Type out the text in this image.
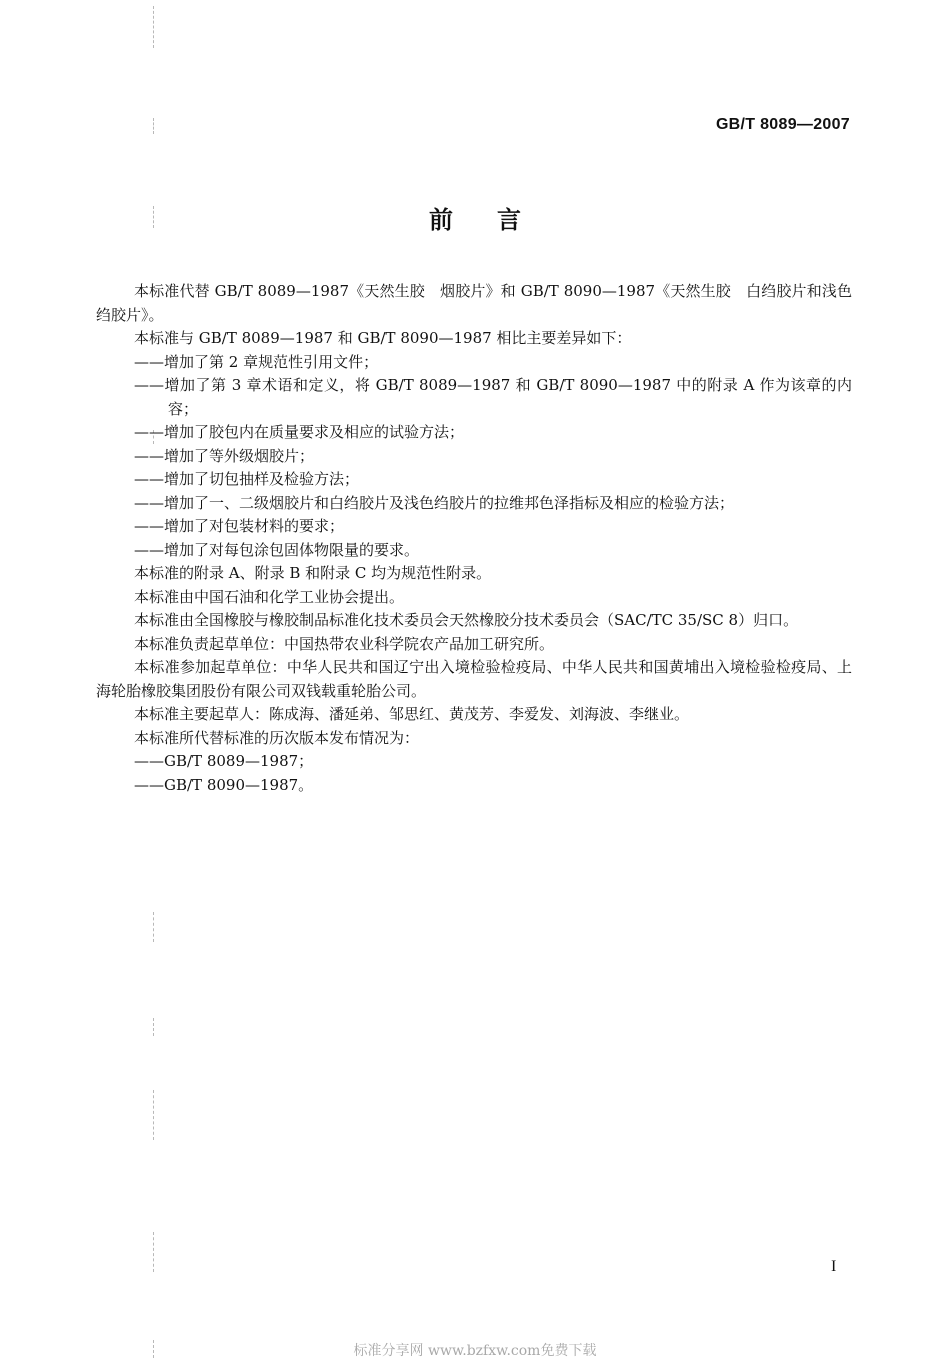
GB/T 8089—2007
前言

本标准代替 GB/T 8089—1987《天然生胶　烟胶片》和 GB/T 8090—1987《天然生胶　白绉胶片和浅色绉胶片》。

本标准与 GB/T 8089—1987 和 GB/T 8090—1987 相比主要差异如下：

——增加了第 2 章规范性引用文件；

——增加了第 3 章术语和定义，将 GB/T 8089—1987 和 GB/T 8090—1987 中的附录 A 作为该章的内容；

——增加了胶包内在质量要求及相应的试验方法；

——增加了等外级烟胶片；

——增加了切包抽样及检验方法；

——增加了一、二级烟胶片和白绉胶片及浅色绉胶片的拉维邦色泽指标及相应的检验方法；

——增加了对包装材料的要求；

——增加了对每包涂包固体物限量的要求。

本标准的附录 A、附录 B 和附录 C 均为规范性附录。

本标准由中国石油和化学工业协会提出。

本标准由全国橡胶与橡胶制品标准化技术委员会天然橡胶分技术委员会（SAC/TC 35/SC 8）归口。

本标准负责起草单位：中国热带农业科学院农产品加工研究所。

本标准参加起草单位：中华人民共和国辽宁出入境检验检疫局、中华人民共和国黄埔出入境检验检疫局、上海轮胎橡胶集团股份有限公司双钱载重轮胎公司。

本标准主要起草人：陈成海、潘延弟、邹思红、黄茂芳、李爱发、刘海波、李继业。

本标准所代替标准的历次版本发布情况为：

——GB/T 8089—1987；

——GB/T 8090—1987。

I
标准分享网 www.bzfxw.com免费下载
